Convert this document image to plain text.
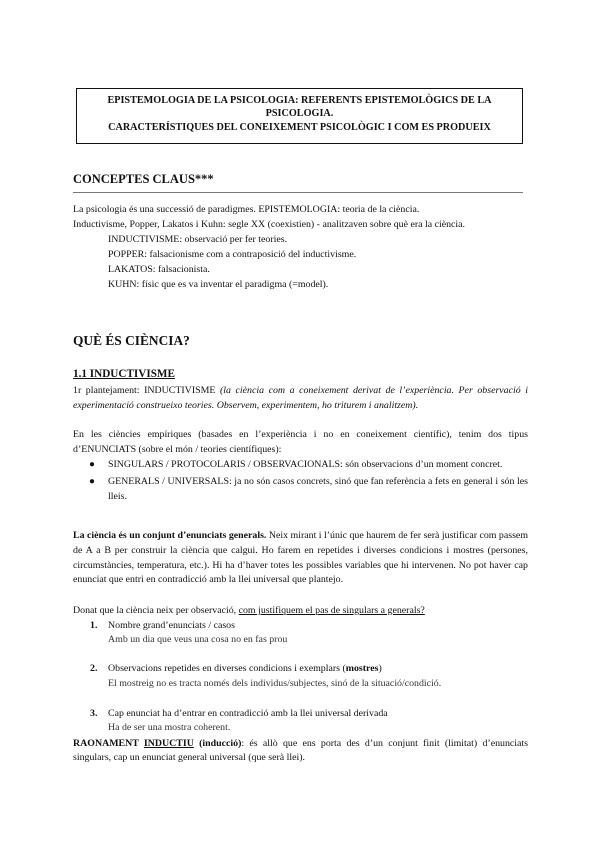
EPISTEMOLOGIA DE LA PSICOLOGIA: REFERENTS EPISTEMOLÒGICS DE LA
PSICOLOGIA.
CARACTERÍSTIQUES DEL CONEIXEMENT PSICOLÒGIC I COM ES PRODUEIX
CONCEPTES CLAUS***
La psicologia és una successió de paradigmes. EPISTEMOLOGIA: teoria de la ciència.
Inductivisme, Popper, Lakatos i Kuhn: segle XX (coexistien) - analitzaven sobre què era la ciència.
INDUCTIVISME: observació per fer teories.
POPPER: falsacionisme com a contraposició del inductivisme.
LAKATOS: falsacionista.
KUHN: físic que es va inventar el paradigma (=model).
QUÈ ÉS CIÈNCIA?
1.1 INDUCTIVISME
1r plantejament: INDUCTIVISME (la ciència com a coneixement derivat de l’experiència. Per observació i experimentació construeixo teories. Observem, experimentem, ho triturem i analitzem).
En les ciències empíriques (basades en l’experiència i no en coneixement científic), tenim dos tipus d’ENUNCIATS (sobre el món / teories científiques):
● SINGULARS / PROTOCOLARIS / OBSERVACIONALS: són observacions d’un moment concret.
● GENERALS / UNIVERSALS: ja no són casos concrets, sinó que fan referència a fets en general i són les lleis.
La ciència és un conjunt d’enunciats generals. Neix mirant i l’únic que haurem de fer serà justificar com passem de A a B per construir la ciència que calgui. Ho farem en repetides i diverses condicions i mostres (persones, circumstàncies, temperatura, etc.). Hi ha d’haver totes les possibles variables que hi intervenen. No pot haver cap enunciat que entri en contradicció amb la llei universal que plantejo.
Donat que la ciència neix per observació, com justifiquem el pas de singulars a generals?
1. Nombre grand’enunciats / casos
Amb un dia que veus una cosa no en fas prou
2. Observacions repetides en diverses condicions i exemplars (mostres)
El mostreig no es tracta només dels individus/subjectes, sinó de la situació/condició.
3. Cap enunciat ha d’entrar en contradicció amb la llei universal derivada
Ha de ser una mostra coherent.
RAONAMENT INDUCTIU (inducció): és allò que ens porta des d’un conjunt finit (limitat) d’enunciats singulars, cap un enunciat general universal (que serà llei).
